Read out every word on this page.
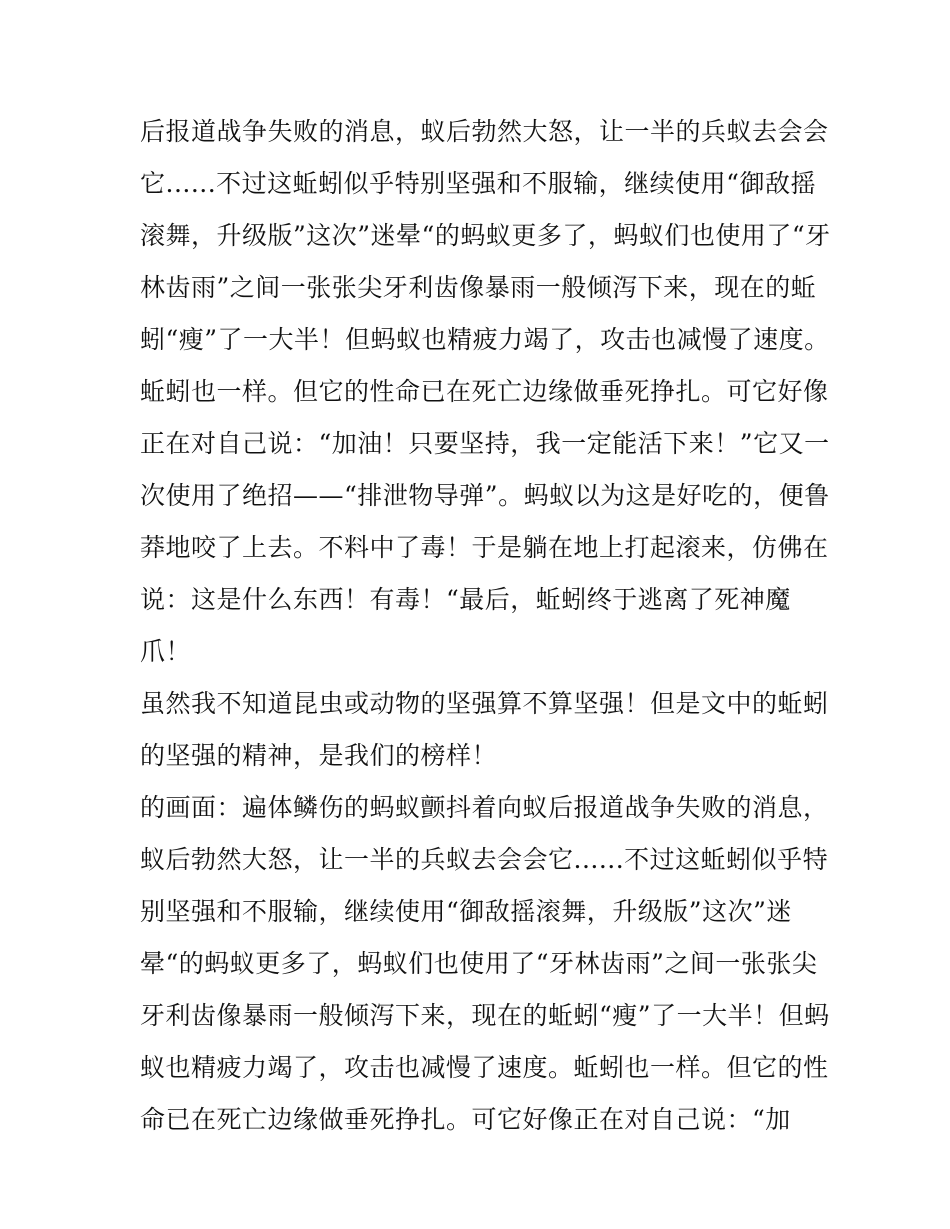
后报道战争失败的消息，蚁后勃然大怒，让一半的兵蚁去会会
它......不过这蚯蚓似乎特别坚强和不服输，继续使用“御敌摇
滚舞，升级版”这次”迷晕“的蚂蚁更多了，蚂蚁们也使用了“牙
林齿雨”之间一张张尖牙利齿像暴雨一般倾泻下来，现在的蚯
蚓“瘦”了一大半！但蚂蚁也精疲力竭了，攻击也减慢了速度。
蚯蚓也一样。但它的性命已在死亡边缘做垂死挣扎。可它好像
正在对自己说：“加油！只要坚持，我一定能活下来！”它又一
次使用了绝招——“排泄物导弹”。蚂蚁以为这是好吃的，便鲁
莽地咬了上去。不料中了毒！于是躺在地上打起滚来，仿佛在
说：这是什么东西！有毒！“最后，蚯蚓终于逃离了死神魔
爪！
虽然我不知道昆虫或动物的坚强算不算坚强！但是文中的蚯蚓
的坚强的精神，是我们的榜样！
的画面：遍体鳞伤的蚂蚁颤抖着向蚁后报道战争失败的消息，
蚁后勃然大怒，让一半的兵蚁去会会它......不过这蚯蚓似乎特
别坚强和不服输，继续使用“御敌摇滚舞，升级版”这次”迷
晕“的蚂蚁更多了，蚂蚁们也使用了“牙林齿雨”之间一张张尖
牙利齿像暴雨一般倾泻下来，现在的蚯蚓“瘦”了一大半！但蚂
蚁也精疲力竭了，攻击也减慢了速度。蚯蚓也一样。但它的性
命已在死亡边缘做垂死挣扎。可它好像正在对自己说：“加
